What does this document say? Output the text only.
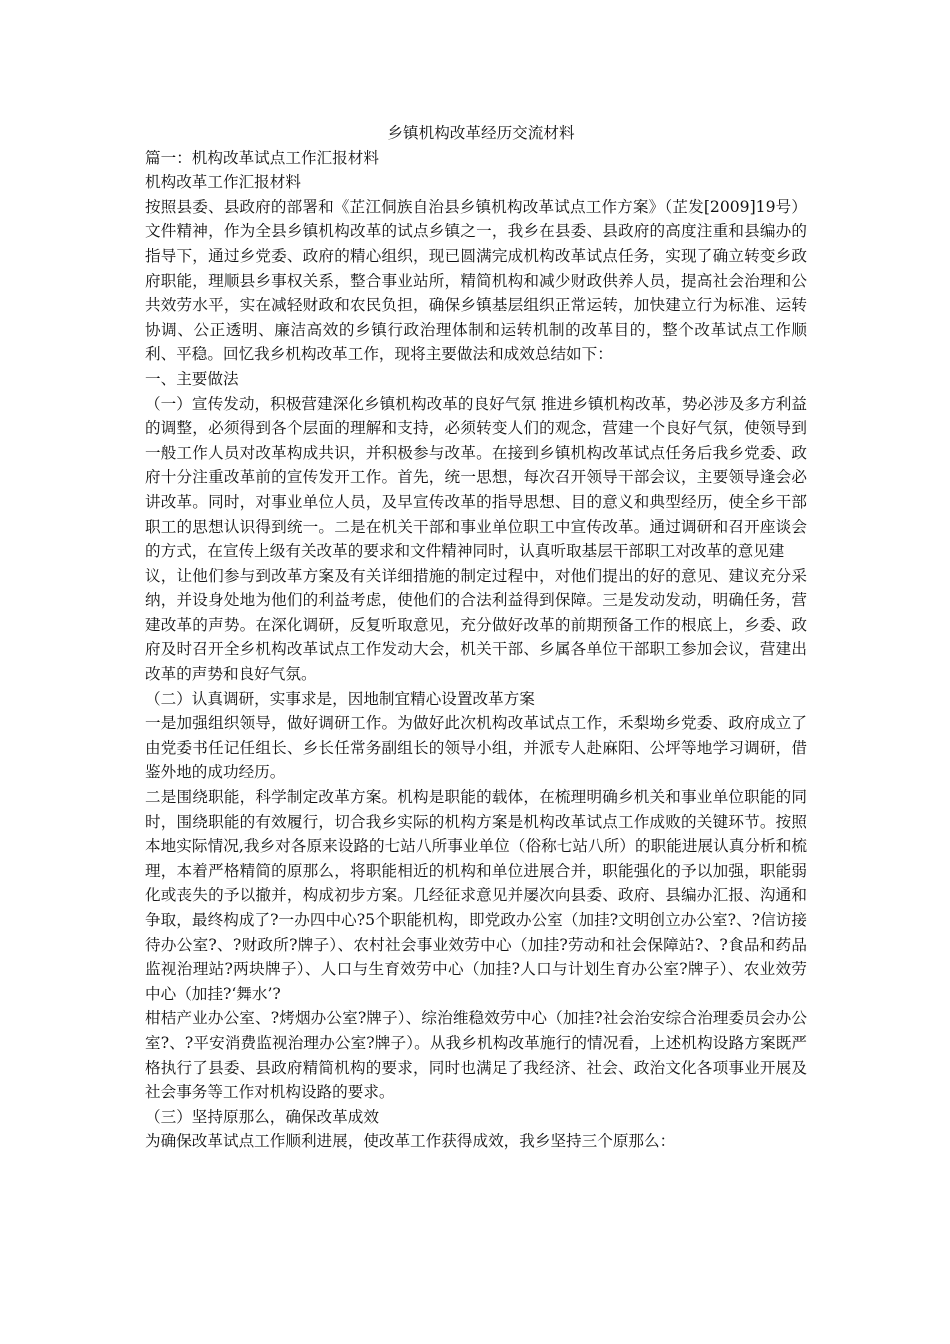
乡镇机构改革经历交流材料

篇一：机构改革试点工作汇报材料

机构改革工作汇报材料

按照县委、县政府的部署和《芷江侗族自治县乡镇机构改革试点工作方案》（芷发[2009]19号）文件精神，作为全县乡镇机构改革的试点乡镇之一，我乡在县委、县政府的高度注重和县编办的指导下，通过乡党委、政府的精心组织，现已圆满完成机构改革试点任务，实现了确立转变乡政府职能，理顺县乡事权关系，整合事业站所，精简机构和减少财政供养人员，提高社会治理和公共效劳水平，实在减轻财政和农民负担，确保乡镇基层组织正常运转，加快建立行为标准、运转协调、公正透明、廉洁高效的乡镇行政治理体制和运转机制的改革目的，整个改革试点工作顺利、平稳。回忆我乡机构改革工作，现将主要做法和成效总结如下：

一、主要做法

（一）宣传发动，积极营建深化乡镇机构改革的良好气氛 推进乡镇机构改革，势必涉及多方利益的调整，必须得到各个层面的理解和支持，必须转变人们的观念，营建一个良好气氛，使领导到一般工作人员对改革构成共识，并积极参与改革。在接到乡镇机构改革试点任务后我乡党委、政府十分注重改革前的宣传发开工作。首先，统一思想，每次召开领导干部会议，主要领导逢会必讲改革。同时，对事业单位人员，及早宣传改革的指导思想、目的意义和典型经历，使全乡干部职工的思想认识得到统一。二是在机关干部和事业单位职工中宣传改革。通过调研和召开座谈会的方式，在宣传上级有关改革的要求和文件精神同时，认真听取基层干部职工对改革的意见建

议，让他们参与到改革方案及有关详细措施的制定过程中，对他们提出的好的意见、建议充分采纳，并设身处地为他们的利益考虑，使他们的合法利益得到保障。三是发动发动，明确任务，营建改革的声势。在深化调研，反复听取意见，充分做好改革的前期预备工作的根底上，乡委、政府及时召开全乡机构改革试点工作发动大会，机关干部、乡属各单位干部职工参加会议，营建出改革的声势和良好气氛。

（二）认真调研，实事求是，因地制宜精心设置改革方案

一是加强组织领导，做好调研工作。为做好此次机构改革试点工作，禾梨坳乡党委、政府成立了由党委书任记任组长、乡长任常务副组长的领导小组，并派专人赴麻阳、公坪等地学习调研，借鉴外地的成功经历。

二是围绕职能，科学制定改革方案。机构是职能的载体，在梳理明确乡机关和事业单位职能的同时，围绕职能的有效履行，切合我乡实际的机构方案是机构改革试点工作成败的关键环节。按照本地实际情况,我乡对各原来设路的七站八所事业单位（俗称七站八所）的职能进展认真分析和梳理，本着严格精简的原那么，将职能相近的机构和单位进展合并，职能强化的予以加强，职能弱化或丧失的予以撤并，构成初步方案。几经征求意见并屡次向县委、政府、县编办汇报、沟通和争取，最终构成了?一办四中心?5个职能机构，即党政办公室（加挂?文明创立办公室?、?信访接待办公室?、?财政所?牌子）、农村社会事业效劳中心（加挂?劳动和社会保障站?、?食品和药品监视治理站?两块牌子）、人口与生育效劳中心（加挂?人口与计划生育办公室?牌子）、农业效劳中心（加挂?‘舞水’?

柑桔产业办公室、?烤烟办公室?牌子）、综治维稳效劳中心（加挂?社会治安综合治理委员会办公室?、?平安消费监视治理办公室?牌子）。从我乡机构改革施行的情况看，上述机构设路方案既严格执行了县委、县政府精简机构的要求，同时也满足了我经济、社会、政治文化各项事业开展及社会事务等工作对机构设路的要求。

（三）坚持原那么，确保改革成效

为确保改革试点工作顺利进展，使改革工作获得成效，我乡坚持三个原那么：
